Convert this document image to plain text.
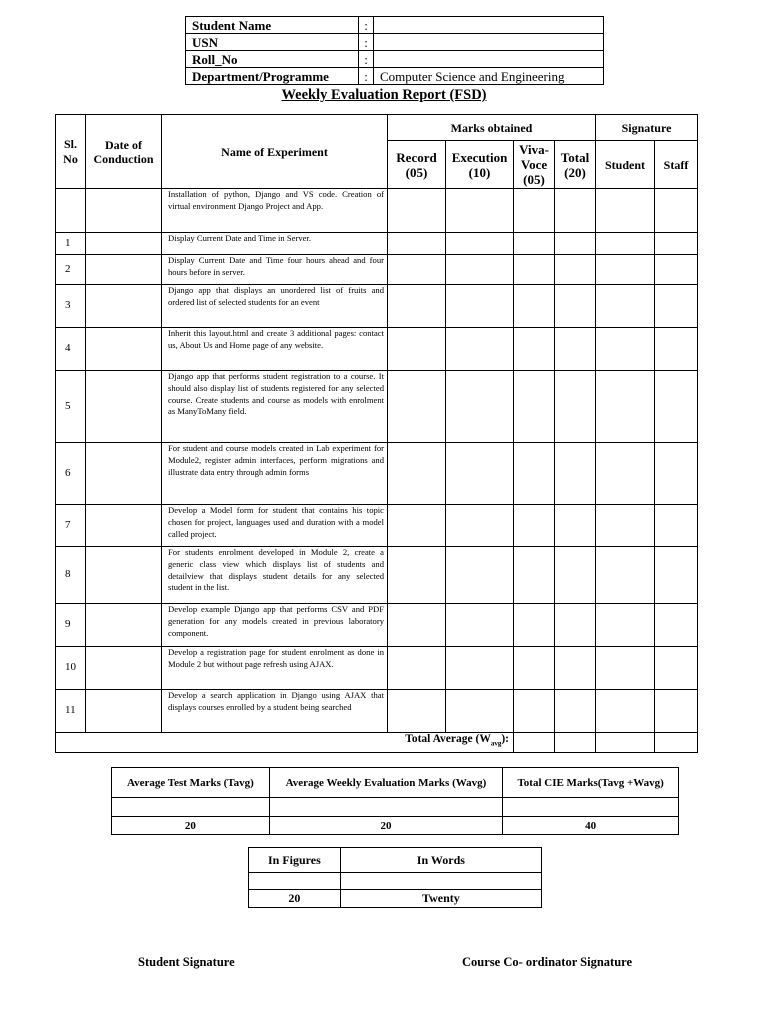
Student Name	:	
USN	:	
Roll_No	:	
Department/Programme	:	Computer Science and Engineering
Weekly Evaluation Report (FSD)
Sl. No	Date of Conduction	Name of Experiment	Marks obtained				Signature	
			Record (05)	Execution (10)	Viva- Voce (05)	Total (20)	Student	Staff
		Installation of python, Django and VS code. Creation of virtual environment Django Project and App.						
1		Display Current Date and Time in Server.						
2		Display Current Date and Time four hours ahead and four hours before in server.						
3		Django app that displays an unordered list of fruits and ordered list of selected students for an event						
4		Inherit this layout.html and create 3 additional pages: contact us, About Us and Home page of any website.						
5		Django app that performs student registration to a course. It should also display list of students registered for any selected course. Create students and course as models with enrolment as ManyToMany field.						
6		For student and course models created in Lab experiment for Module2, register admin interfaces, perform migrations and illustrate data entry through admin forms						
7		Develop a Model form for student that contains his topic chosen for project, languages used and duration with a model called project.						
8		For students enrolment developed in Module 2, create a generic class view which displays list of students and detailview that displays student details for any selected student in the list.						
9		Develop example Django app that performs CSV and PDF generation for any models created in previous laboratory component.						
10		Develop a registration page for student enrolment as done in Module 2 but without page refresh using AJAX.						
11		Develop a search application in Django using AJAX that displays courses enrolled by a student being searched						
Total Average $(W_{avg})$:								
Average Test Marks (Tavg)	Average Weekly Evaluation Marks (Wavg)	Total CIE Marks(Tavg +Wavg)

20	20	40
In Figures	In Words

20	Twenty
Student Signature	Course Co- ordinator Signature
